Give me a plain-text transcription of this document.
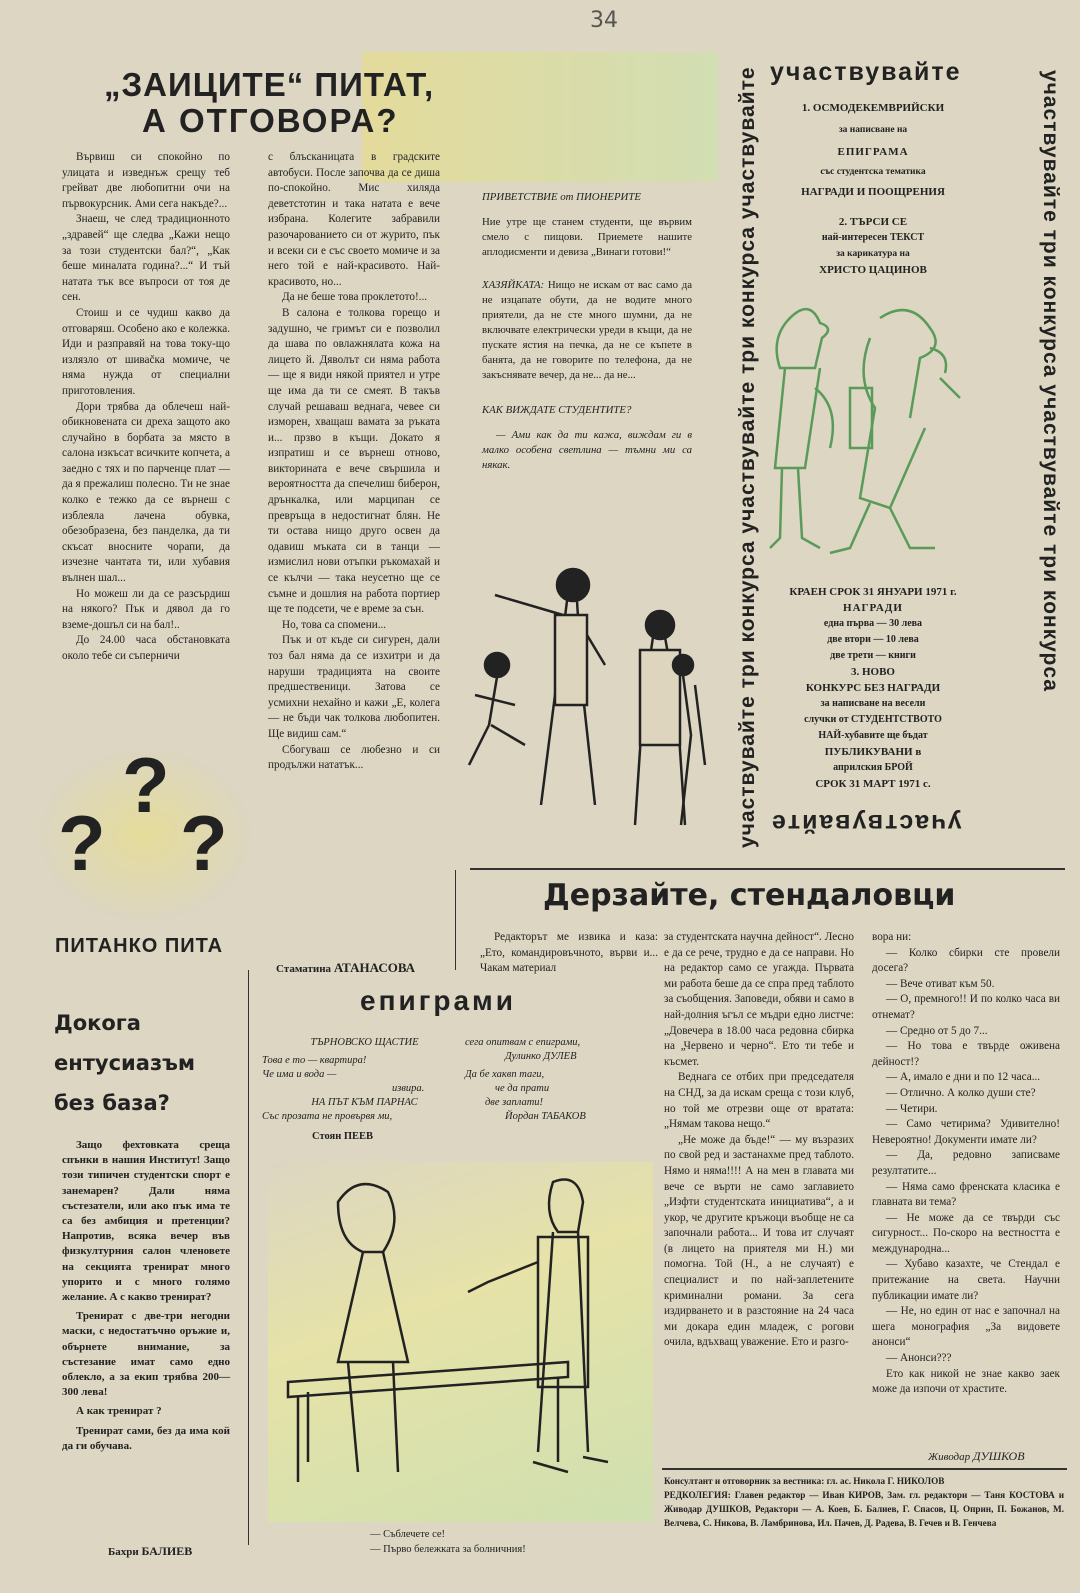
34
„ЗАИЦИТЕ“ ПИТАТ,
А ОТГОВОРА?

Вървиш си спокойно по улицата и изведнъж срещу теб грейват две любопитни очи на първокурсник. Ами сега накъде?...

Знаеш, че след традиционното „здравей“ ще следва „Кажи нещо за този студентски бал?“, „Как беше миналата година?...“ И тъй натата тък все въпроси от тоя де сен.

Стоиш и се чудиш какво да отговаряш. Особено ако е колежка. Иди и разправяй на това току-що излязло от шиваčка момиче, че няма нужда от специални приготовления.

Дори трябва да облечеш най-обикновената си дреха защото ако случайно в борбата за място в салона изкъсат всичките копчета, а заедно с тях и по парченце плат — да я прежалиш полесно. Ти не знае колко е тежко да се върнеш с изблеяла лачена обувка, обезобразена, без панделка, да ти скъсат вносните чорапи, да изчезне чантата ти, или хубавия вълнен шал...

Но можеш ли да се разсърдиш на някого? Пък и дявол да го вземе-дошъл си на бал!..

До 24.00 часа обстановката около тебе си съперничи

?
? ?
ПИТАНКО ПИТА

с блъсканицата в градските автобуси. После започва да се диша по-спокойно. Мис хиляда деветстотин и така натата е вече избрана. Колегите забравили разочарованието си от журито, пък и всеки си е със своето момиче и за него той е най-красивото. Най-красивото, но...

Да не беше това проклетото!...

В салона е толкова горещо и задушно, че гримът си е позволил да шава по овлажнялата кожа на лицето й. Дяволът си няма работа — ще я види някой приятел и утре ще има да ти се смеят. В такъв случай решаваш веднага, чевее си изморен, хващаш вамата за ръката и... прзво в къщи. Докато я изпратиш и се върнеш отново, викторината е вече свършила и вероятността да спечелиш биберон, дрънкалка, или марципан се превръща в недостигнат блян. Не ти остава нищо друго освен да одавиш мъката си в танци — измислил нови отъпки ръкомахай и се кълчи — така неусетно ще се съмне и дошлия на работа портиер ще те подсети, че е време за сън.

Но, това са спомени...

Пък и от къде си сигурен, дали тоз бал няма да се изхитри и да наруши традицията на своите предшественици. Затова се усмихни нехайно и кажи „Е, колега — не бъди чак толкова любопитен. Ще видиш сам.“

Сбогуваш се любезно и си продължи нататък...

Стаматина АТАНАСОВА
Докога
ентусиазъм
без база?

Защо фехтовката среща спънки в нашия Институт! Защо този типичен студентски спорт е занемарен? Дали няма състезатели, или ако пък има те са без амбиция и претенции? Напротив, всяка вечер във физкултурния салон членовете на секцията тренират много упорито и с много голямо желание. А с какво тренират?

Тренират с две-три негодни маски, с недостатъчно оръжие и, обърнете внимание, за състезание имат само едно облекло, а за екип трябва 200—300 лева!

А как тренират ?

Тренират сами, без да има кой да ги обучава.

Бахри БАЛИЕВ
ПРИВЕТСТВИЕ от ПИОНЕРИТЕ

Ние утре ще станем студенти, ще вървим смело с пищови. Приемете нашите аплодисменти и девиза „Винаги готови!“

ХАЗЯЙКАТА: Нищо не искам от вас само да не изцапате обути, да не водите много приятели, да не сте много шумни, да не включвате електрически уреди в къщи, да не пускате ястия на печка, да не се къпете в банята, да не говорите по телефона, да не закъснявате вечер, да не... да не...

КАК ВИЖДАТЕ СТУДЕНТИТЕ?

— Ами как да ти кажа, виждам ги в малко особена светлина — тъмни ми са някак.	участвувайте три конкурса участвувайте три конкурса участвувайте	участвувайте три конкурса участвувайте три конкурса
участвувайте
участвувайте
1. ОСМОДЕКЕМВРИЙСКИ
за написване на
ЕПИГРАМА
със студентска тематика
НАГРАДИ И ПООЩРЕНИЯ
2. ТЪРСИ СЕ
най-интересен ТЕКСТ
за карикатура на
ХРИСТО ЦАЦИНОВ
КРАЕН СРОК 31 ЯНУАРИ 1971 г.
НАГРАДИ
една първа — 30 лева
две втори — 10 лева
две трети — книги
3. НОВО
КОНКУРС БЕЗ НАГРАДИ
за написване на весели
случки от СТУДЕНТСТВОТО
НАЙ-хубавите ще бъдат
ПУБЛИКУВАНИ в
априлския БРОЙ
СРОК 31 МАРТ 1971 с.
Дерзайте, стендаловци
епиграми
ТЪРНОВСКО ЩАСТИЕ
Това е то — квартира!
Че има и вода —
извира.
НА ПЪТ КЪМ ПАРНАС
Със прозата не провървя ми,
Стоян ПЕЕВ
сега опитвам с епиграми,
Дулинко ДУЛЕВ
Да бе хаквп таги,
че да прати
две заплати!
Йордан ТАБАКОВ
— Съблечете се!
— Първо бележката за болничния!

Редакторът ме извика и каза: „Ето, командировъчното, върви и... Чакам материал

за студентската научна дейност“. Лесно е да се рече, трудно е да се направи. Но на редактор само се угажда. Първата ми работа беше да се спра пред таблото за съобщения. Заповеди, обяви и само в най-долния ъгъл се мъдри едно листче: „Довечера в 18.00 часа редовна сбирка на „Червено и черно“. Ето ти тебе и късмет.

Веднага се отбих при председателя на СНД, за да искам среща с този клуб, но той ме отрезви още от вратата: „Нямам такова нещо.“

„Не може да бъде!“ — му възразих по свой ред и застанахме пред таблото. Нямо и няма!!!! А на мен в главата ми вече се върти не само заглавието „Изфти студентската инициатива“, а и укор, че другите кръжоци въобще не са започнали работа... И това ит случаят (в лицето на приятеля ми Н.) ми помогна. Той (Н., а не случаят) е специалист и по най-заплетените криминални романи. За сега издирването и в разстояние на 24 часа ми докара един младеж, с рогови очила, вдъхващ уважение. Ето и разго-

вора ни:

— Колко сбирки сте провели досега?

— Вече отиват към 50.

— О, премного!! И по колко часа ви отнемат?

— Средно от 5 до 7...

— Но това е твърде оживена дейност!?

— А, имало е дни и по 12 часа...

— Отлично. А колко души сте?

— Четири.

— Само четирима? Удивително! Невероятно! Документи имате ли?

— Да, редовно записваме резултатите...

— Няма само френската класика е главната ви тема?

— Не може да се твърди със сигурност... По-скоро на вестността е международна...

— Хубаво казахте, че Стендал е притежание на света. Научни публикации имате ли?

— Не, но един от нас е започнал на шега монография „За видовете анонси“

— Анонси???

Ето как никой не знае какво заек може да изпочи от храстите.

Живодар ДУШКОВ
Консултант и отговорник за вестника: гл. ас. Никола Г. НИКОЛОВ
РЕДКОЛЕГИЯ: Главен редактор — Иван КИРОВ, Зам. гл. редактори — Таня КОСТОВА и Живодар ДУШКОВ, Редактори — А. Коев, Б. Балиев, Г. Спасов, Ц. Оприн, П. Божанов, М. Велчева, С. Никова, В. Ламбринова, Ил. Пачев, Д. Радева, В. Гечев и В. Генчева
